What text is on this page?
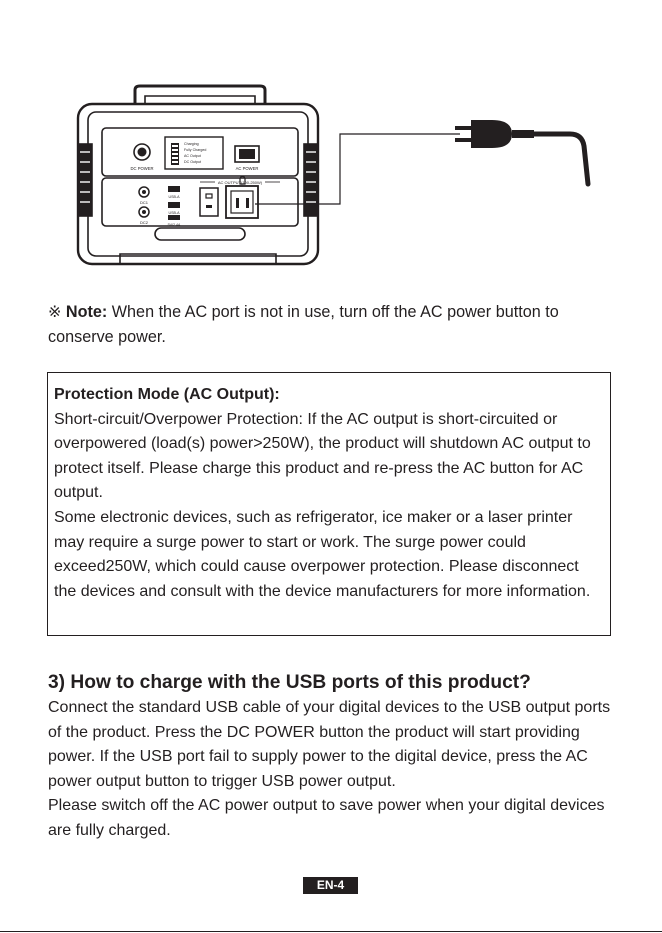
DC POWER
Charging
Fully Charged
AC Output
DC Output
AC POWER
DC1
DC2
USB-A
USB-A
5V/2.4A
AC OUTPUT(100-250W)
※ Note: When the AC port is not in use, turn off the AC power button to conserve power.

Protection Mode (AC Output):

Short-circuit/Overpower Protection: If the AC output is short-circuited or overpowered (load(s) power>250W), the product will shutdown AC output to protect itself. Please charge this product and re-press the AC button for AC output.

Some electronic devices, such as refrigerator, ice maker or a laser printer may require a surge power to start or work. The surge power could exceed250W, which could cause overpower protection. Please disconnect the devices and consult with the device manufacturers for more information.

3) How to charge with the USB ports of this product?

Connect the standard USB cable of your digital devices to the USB output ports of the product. Press the DC POWER button the product will start providing power. If the USB port fail to supply power to the digital device, press the AC power output button to trigger USB power output.

Please switch off the AC power output to save power when your digital devices are fully charged.

EN-4
